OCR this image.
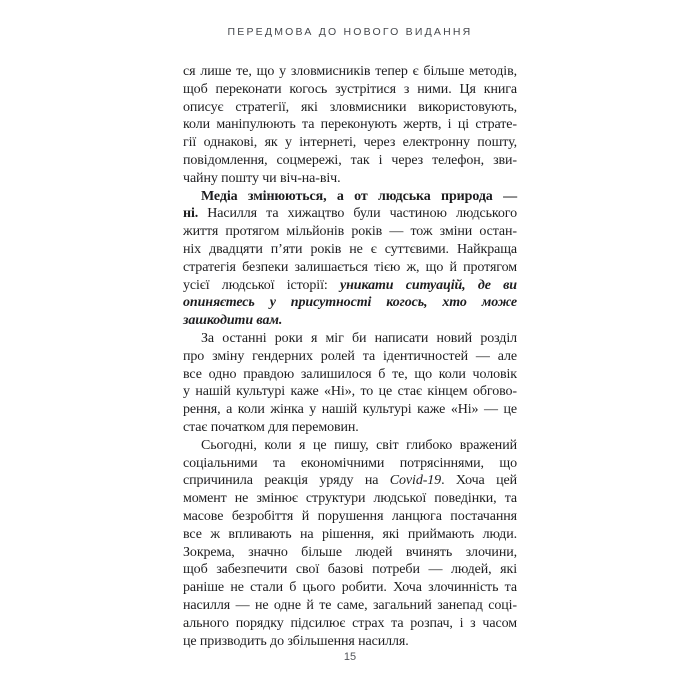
ПЕРЕДМОВА ДО НОВОГО ВИДАННЯ
ся лише те, що у зловмисників тепер є більше методів,
щоб переконати когось зустрітися з ними. Ця книга
описує стратегії, які зловмисники використовують,
коли маніпулюють та переконують жертв, і ці страте-
гії однакові, як у інтернеті, через електронну пошту,
повідомлення, соцмережі, так і через телефон, зви-
чайну пошту чи віч-на-віч.
Медіа змінюються, а от людська природа —
ні. Насилля та хижацтво були частиною людського
життя протягом мільйонів років — тож зміни остан-
ніх двадцяти п’яти років не є суттєвими. Найкраща
стратегія безпеки залишається тією ж, що й протягом
усієї людської історії: уникати ситуацій, де ви
опиняєтесь у присутності когось, хто може
зашкодити вам.
За останні роки я міг би написати новий розділ
про зміну гендерних ролей та ідентичностей — але
все одно правдою залишилося б те, що коли чоловік
у нашій культурі каже «Ні», то це стає кінцем обгово-
рення, а коли жінка у нашій культурі каже «Ні» — це
стає початком для перемовин.
Сьогодні, коли я це пишу, світ глибоко вражений
соціальними та економічними потрясіннями, що
спричинила реакція уряду на Covid-19. Хоча цей
момент не змінює структури людської поведінки, та
масове безробіття й порушення ланцюга постачання
все ж впливають на рішення, які приймають люди.
Зокрема, значно більше людей вчинять злочини,
щоб забезпечити свої базові потреби — людей, які
раніше не стали б цього робити. Хоча злочинність та
насилля — не одне й те саме, загальний занепад соці-
ального порядку підсилює страх та розпач, і з часом
це призводить до збільшення насилля.
15
